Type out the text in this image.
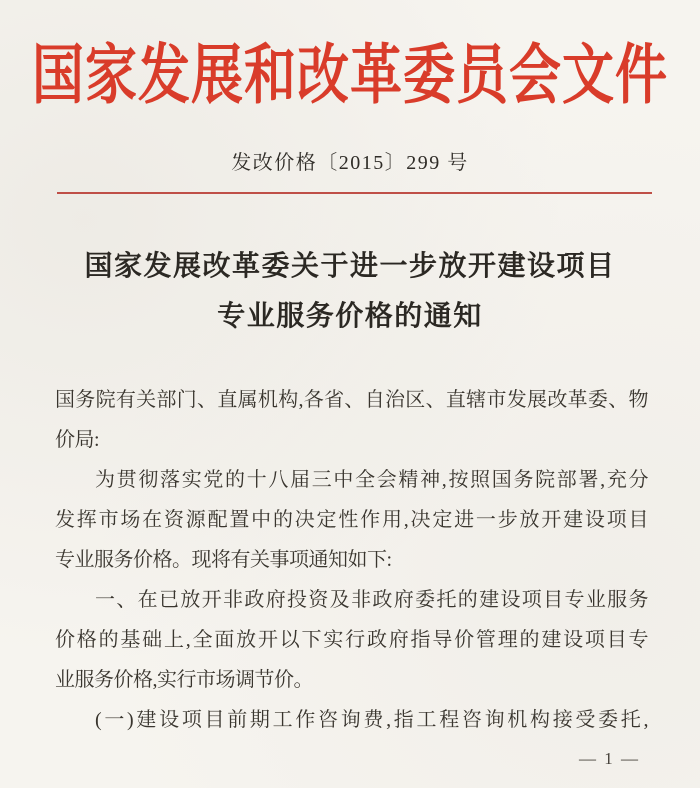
国家发展和改革委员会文件
发改价格〔2015〕299 号
国家发展改革委关于进一步放开建设项目
专业服务价格的通知
国务院有关部门、直属机构,各省、自治区、直辖市发展改革委、物
价局:
为贯彻落实党的十八届三中全会精神,按照国务院部署,充分
发挥市场在资源配置中的决定性作用,决定进一步放开建设项目
专业服务价格。现将有关事项通知如下:
一、在已放开非政府投资及非政府委托的建设项目专业服务
价格的基础上,全面放开以下实行政府指导价管理的建设项目专
业服务价格,实行市场调节价。
(一)建设项目前期工作咨询费,指工程咨询机构接受委托,
— 1 —
